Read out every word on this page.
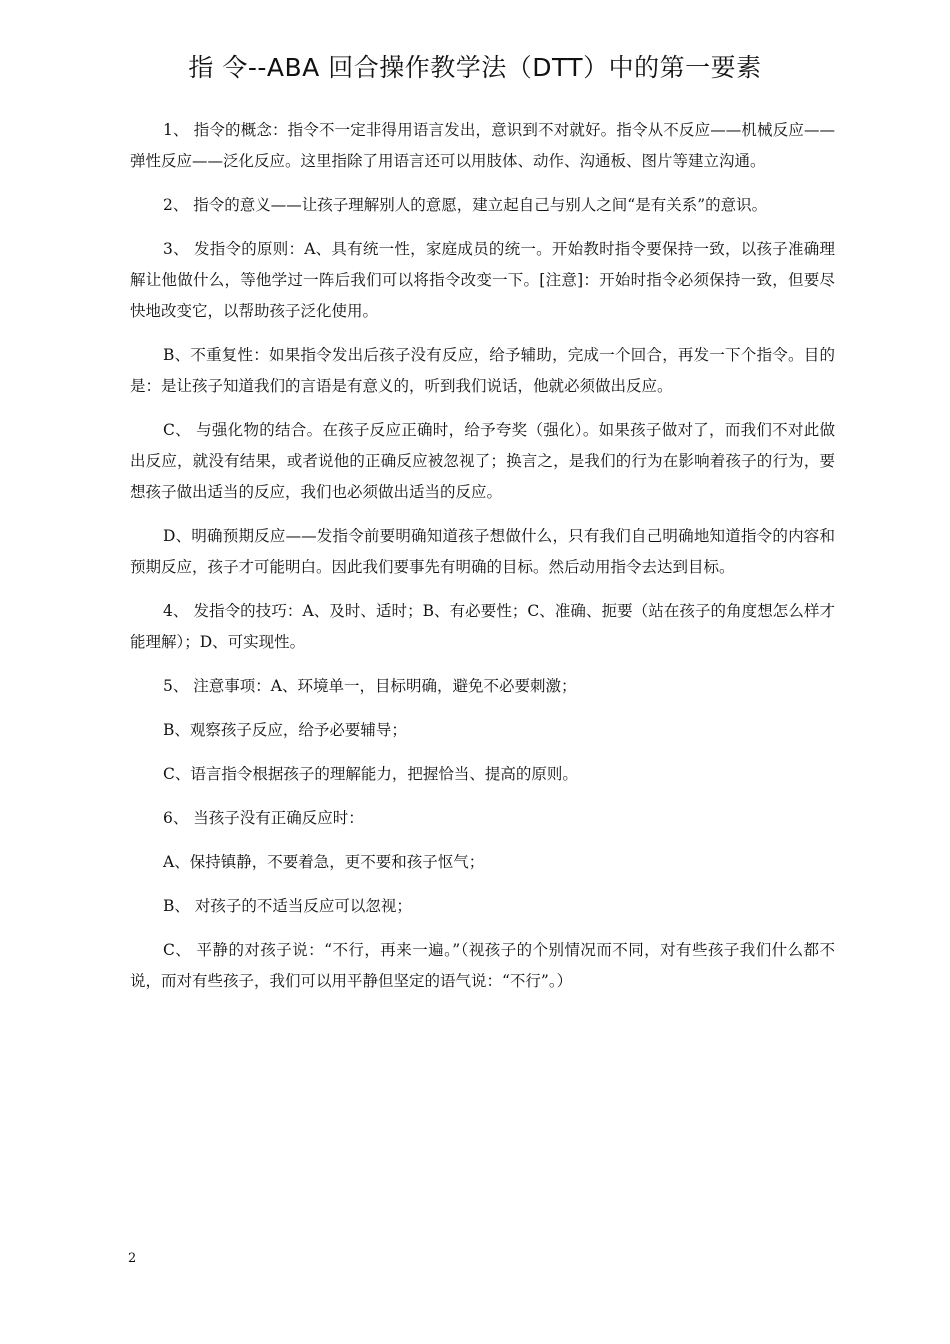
指 令--ABA 回合操作教学法（DTT）中的第一要素

1、 指令的概念：指令不一定非得用语言发出，意识到不对就好。指令从不反应——机械反应——弹性反应——泛化反应。这里指除了用语言还可以用肢体、动作、沟通板、图片等建立沟通。

2、 指令的意义——让孩子理解别人的意愿，建立起自己与别人之间“是有关系”的意识。

3、 发指令的原则：A、具有统一性，家庭成员的统一。开始教时指令要保持一致，以孩子准确理解让他做什么，等他学过一阵后我们可以将指令改变一下。[注意]：开始时指令必须保持一致，但要尽快地改变它，以帮助孩子泛化使用。

B、不重复性：如果指令发出后孩子没有反应，给予辅助，完成一个回合，再发一下个指令。目的是：是让孩子知道我们的言语是有意义的，听到我们说话，他就必须做出反应。

C、 与强化物的结合。在孩子反应正确时，给予夸奖（强化）。如果孩子做对了，而我们不对此做出反应，就没有结果，或者说他的正确反应被忽视了；换言之，是我们的行为在影响着孩子的行为，要想孩子做出适当的反应，我们也必须做出适当的反应。

D、明确预期反应——发指令前要明确知道孩子想做什么，只有我们自己明确地知道指令的内容和预期反应，孩子才可能明白。因此我们要事先有明确的目标。然后动用指令去达到目标。

4、 发指令的技巧：A、及时、适时；B、有必要性；C、准确、扼要（站在孩子的角度想怎么样才能理解）；D、可实现性。

5、 注意事项：A、环境单一，目标明确，避免不必要刺激；

B、观察孩子反应，给予必要辅导；

C、语言指令根据孩子的理解能力，把握恰当、提高的原则。

6、 当孩子没有正确反应时：

A、保持镇静，不要着急，更不要和孩子怄气；

B、 对孩子的不适当反应可以忽视；

C、 平静的对孩子说：“不行，再来一遍。”（视孩子的个别情况而不同，对有些孩子我们什么都不说，而对有些孩子，我们可以用平静但坚定的语气说：“不行”。）

2
